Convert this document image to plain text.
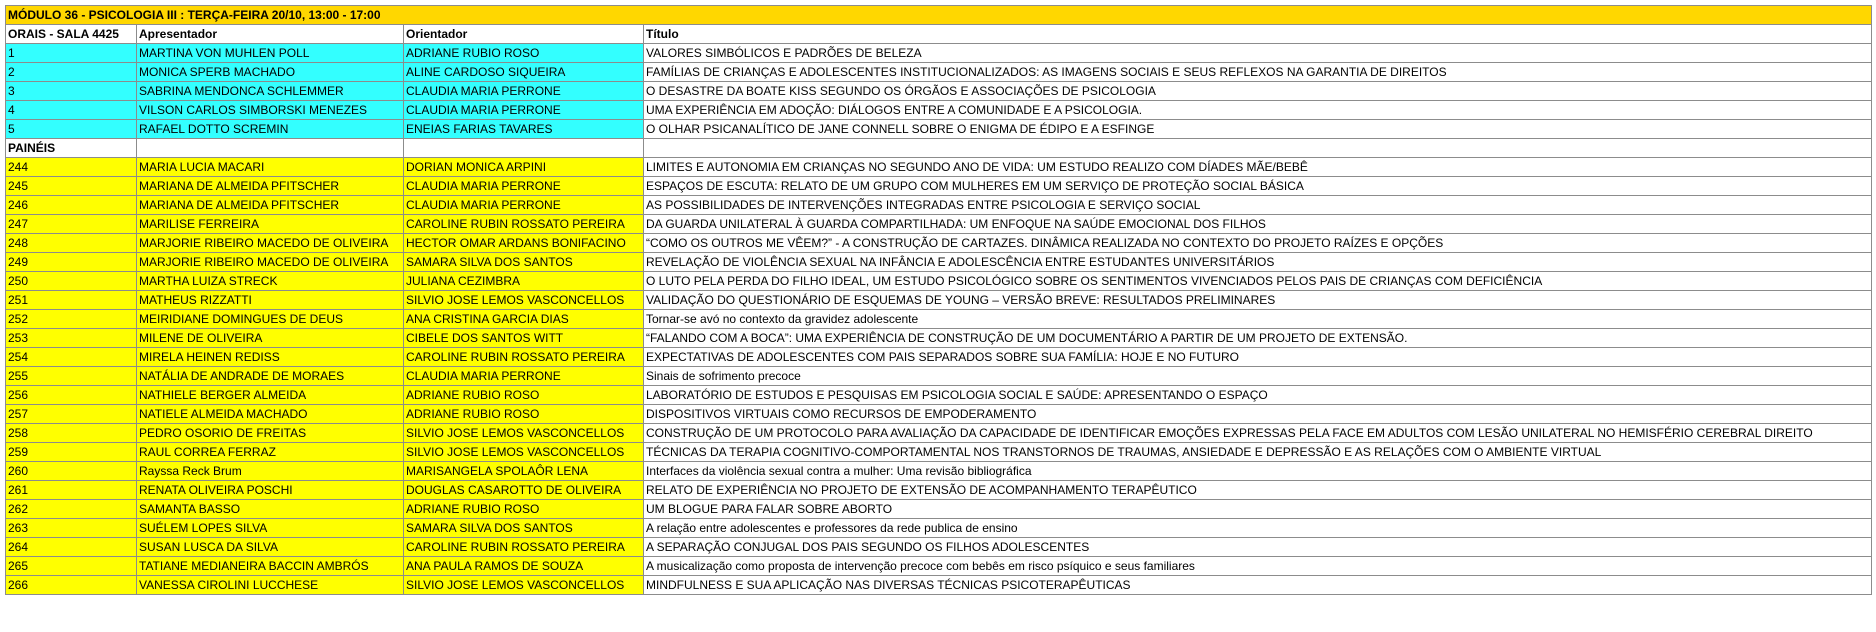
MÓDULO 36 - PSICOLOGIA III : TERÇA-FEIRA 20/10, 13:00 - 17:00			
ORAIS - SALA 4425	Apresentador	Orientador	Título
1	MARTINA VON MUHLEN POLL	ADRIANE RUBIO ROSO	VALORES SIMBÓLICOS E PADRÕES DE BELEZA
2	MONICA SPERB MACHADO	ALINE CARDOSO SIQUEIRA	FAMÍLIAS DE CRIANÇAS E ADOLESCENTES INSTITUCIONALIZADOS: AS IMAGENS SOCIAIS E SEUS REFLEXOS NA GARANTIA DE DIREITOS
3	SABRINA MENDONCA SCHLEMMER	CLAUDIA MARIA PERRONE	O DESASTRE DA BOATE KISS SEGUNDO OS ÓRGÃOS E ASSOCIAÇÕES DE PSICOLOGIA
4	VILSON CARLOS SIMBORSKI MENEZES	CLAUDIA MARIA PERRONE	UMA EXPERIÊNCIA EM ADOÇÃO: DIÁLOGOS ENTRE A COMUNIDADE E A PSICOLOGIA.
5	RAFAEL DOTTO SCREMIN	ENEIAS FARIAS TAVARES	O OLHAR PSICANALÍTICO DE JANE CONNELL SOBRE O ENIGMA DE ÉDIPO E A ESFINGE
PAINÉIS			
244	MARIA LUCIA MACARI	DORIAN MONICA ARPINI	LIMITES E AUTONOMIA EM CRIANÇAS NO SEGUNDO ANO DE VIDA: UM ESTUDO REALIZO COM DÍADES MÃE/BEBÊ
245	MARIANA DE ALMEIDA PFITSCHER	CLAUDIA MARIA PERRONE	ESPAÇOS DE ESCUTA: RELATO DE UM GRUPO COM MULHERES EM UM SERVIÇO DE PROTEÇÃO SOCIAL BÁSICA
246	MARIANA DE ALMEIDA PFITSCHER	CLAUDIA MARIA PERRONE	AS POSSIBILIDADES DE INTERVENÇÕES INTEGRADAS ENTRE PSICOLOGIA E SERVIÇO SOCIAL
247	MARILISE FERREIRA	CAROLINE RUBIN ROSSATO PEREIRA	DA GUARDA UNILATERAL À GUARDA COMPARTILHADA: UM ENFOQUE NA SAÚDE EMOCIONAL DOS FILHOS
248	MARJORIE RIBEIRO MACEDO DE OLIVEIRA	HECTOR OMAR ARDANS BONIFACINO	“COMO OS OUTROS ME VÊEM?” - A CONSTRUÇÃO DE CARTAZES. DINÂMICA REALIZADA NO CONTEXTO DO PROJETO RAÍZES E OPÇÕES
249	MARJORIE RIBEIRO MACEDO DE OLIVEIRA	SAMARA SILVA DOS SANTOS	REVELAÇÃO DE VIOLÊNCIA SEXUAL NA INFÂNCIA E ADOLESCÊNCIA ENTRE ESTUDANTES UNIVERSITÁRIOS
250	MARTHA LUIZA STRECK	JULIANA CEZIMBRA	O LUTO PELA PERDA DO FILHO IDEAL, UM ESTUDO PSICOLÓGICO SOBRE OS SENTIMENTOS VIVENCIADOS PELOS PAIS DE CRIANÇAS COM DEFICIÊNCIA
251	MATHEUS RIZZATTI	SILVIO JOSE LEMOS VASCONCELLOS	VALIDAÇÃO DO QUESTIONÁRIO DE ESQUEMAS DE YOUNG – VERSÃO BREVE: RESULTADOS PRELIMINARES
252	MEIRIDIANE DOMINGUES DE DEUS	ANA CRISTINA GARCIA DIAS	Tornar-se avó no contexto da gravidez adolescente
253	MILENE DE OLIVEIRA	CIBELE DOS SANTOS WITT	“FALANDO COM A BOCA”: UMA EXPERIÊNCIA DE CONSTRUÇÃO DE UM DOCUMENTÁRIO A PARTIR DE UM PROJETO DE EXTENSÃO.
254	MIRELA HEINEN REDISS	CAROLINE RUBIN ROSSATO PEREIRA	EXPECTATIVAS DE ADOLESCENTES COM PAIS SEPARADOS SOBRE SUA FAMÍLIA: HOJE E NO FUTURO
255	NATÁLIA DE ANDRADE DE MORAES	CLAUDIA MARIA PERRONE	Sinais de sofrimento precoce
256	NATHIELE BERGER ALMEIDA	ADRIANE RUBIO ROSO	LABORATÓRIO DE ESTUDOS E PESQUISAS EM PSICOLOGIA SOCIAL E SAÚDE: APRESENTANDO O ESPAÇO
257	NATIELE ALMEIDA MACHADO	ADRIANE RUBIO ROSO	DISPOSITIVOS VIRTUAIS COMO RECURSOS DE EMPODERAMENTO
258	PEDRO OSORIO DE FREITAS	SILVIO JOSE LEMOS VASCONCELLOS	CONSTRUÇÃO DE UM PROTOCOLO PARA AVALIAÇÃO DA CAPACIDADE DE IDENTIFICAR EMOÇÕES EXPRESSAS PELA FACE EM ADULTOS COM LESÃO UNILATERAL NO HEMISFÉRIO CEREBRAL DIREITO
259	RAUL CORREA FERRAZ	SILVIO JOSE LEMOS VASCONCELLOS	TÉCNICAS DA TERAPIA COGNITIVO-COMPORTAMENTAL NOS TRANSTORNOS DE TRAUMAS, ANSIEDADE E DEPRESSÃO E AS RELAÇÕES COM O AMBIENTE VIRTUAL
260	Rayssa Reck Brum	MARISANGELA SPOLAÔR LENA	Interfaces da violência sexual contra a mulher: Uma revisão bibliográfica
261	RENATA OLIVEIRA POSCHI	DOUGLAS CASAROTTO DE OLIVEIRA	RELATO DE EXPERIÊNCIA NO PROJETO DE EXTENSÃO DE ACOMPANHAMENTO TERAPÊUTICO
262	SAMANTA BASSO	ADRIANE RUBIO ROSO	UM BLOGUE PARA FALAR SOBRE ABORTO
263	SUÉLEM LOPES SILVA	SAMARA SILVA DOS SANTOS	A relação entre adolescentes e professores da rede publica de ensino
264	SUSAN LUSCA DA SILVA	CAROLINE RUBIN ROSSATO PEREIRA	A SEPARAÇÃO CONJUGAL DOS PAIS SEGUNDO OS FILHOS ADOLESCENTES
265	TATIANE MEDIANEIRA BACCIN AMBRÓS	ANA PAULA RAMOS DE SOUZA	A musicalização como proposta de intervenção precoce com bebês em risco psíquico e seus familiares
266	VANESSA CIROLINI LUCCHESE	SILVIO JOSE LEMOS VASCONCELLOS	MINDFULNESS E SUA APLICAÇÃO NAS DIVERSAS TÉCNICAS PSICOTERAPÊUTICAS
